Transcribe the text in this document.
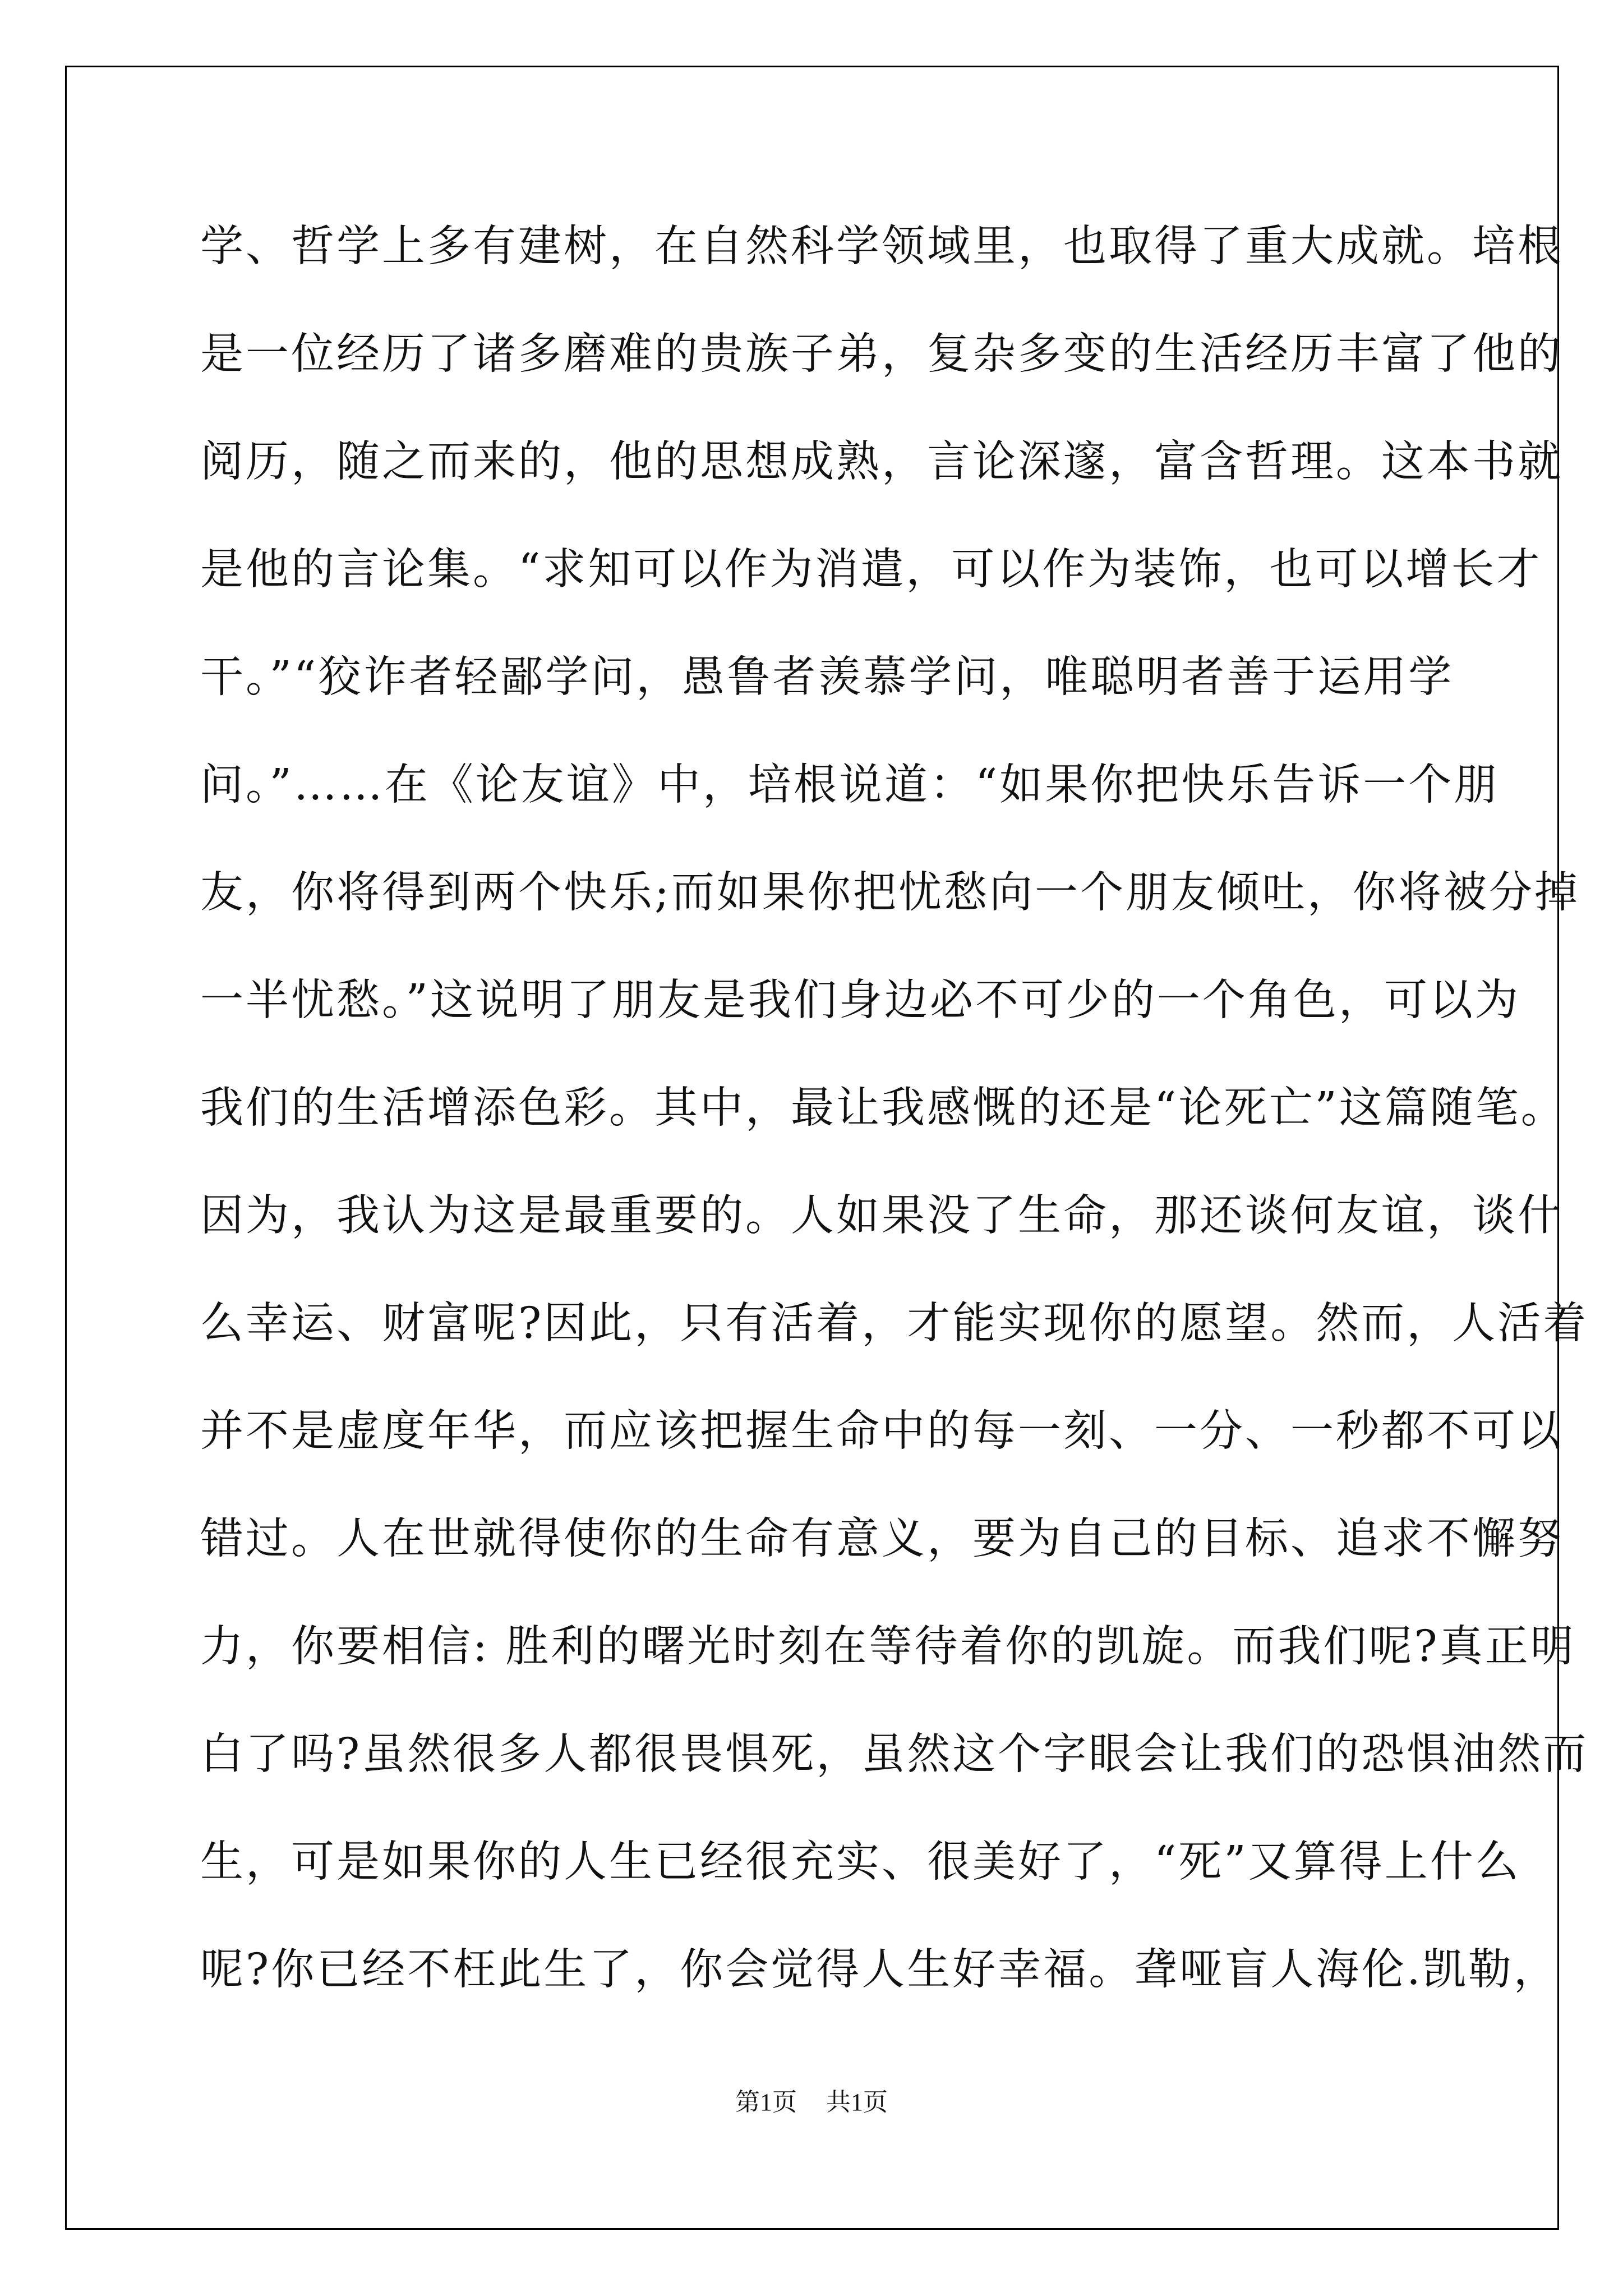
学、哲学上多有建树，在自然科学领域里，也取得了重大成就。培根
是一位经历了诸多磨难的贵族子弟，复杂多变的生活经历丰富了他的
阅历，随之而来的，他的思想成熟，言论深邃，富含哲理。这本书就
是他的言论集。“求知可以作为消遣，可以作为装饰，也可以增长才
干。”“狡诈者轻鄙学问，愚鲁者羡慕学问，唯聪明者善于运用学
问。”……在《论友谊》中，培根说道：“如果你把快乐告诉一个朋
友，你将得到两个快乐;而如果你把忧愁向一个朋友倾吐，你将被分掉
一半忧愁。”这说明了朋友是我们身边必不可少的一个角色，可以为
我们的生活增添色彩。其中，最让我感慨的还是“论死亡”这篇随笔。
因为，我认为这是最重要的。人如果没了生命，那还谈何友谊，谈什
么幸运、财富呢?因此，只有活着，才能实现你的愿望。然而，人活着
并不是虚度年华，而应该把握生命中的每一刻、一分、一秒都不可以
错过。人在世就得使你的生命有意义，要为自己的目标、追求不懈努
力，你要相信: 胜利的曙光时刻在等待着你的凯旋。而我们呢?真正明
白了吗?虽然很多人都很畏惧死，虽然这个字眼会让我们的恐惧油然而
生，可是如果你的人生已经很充实、很美好了，“死”又算得上什么
呢?你已经不枉此生了，你会觉得人生好幸福。聋哑盲人海伦.凯勒，
第1页 共1页
